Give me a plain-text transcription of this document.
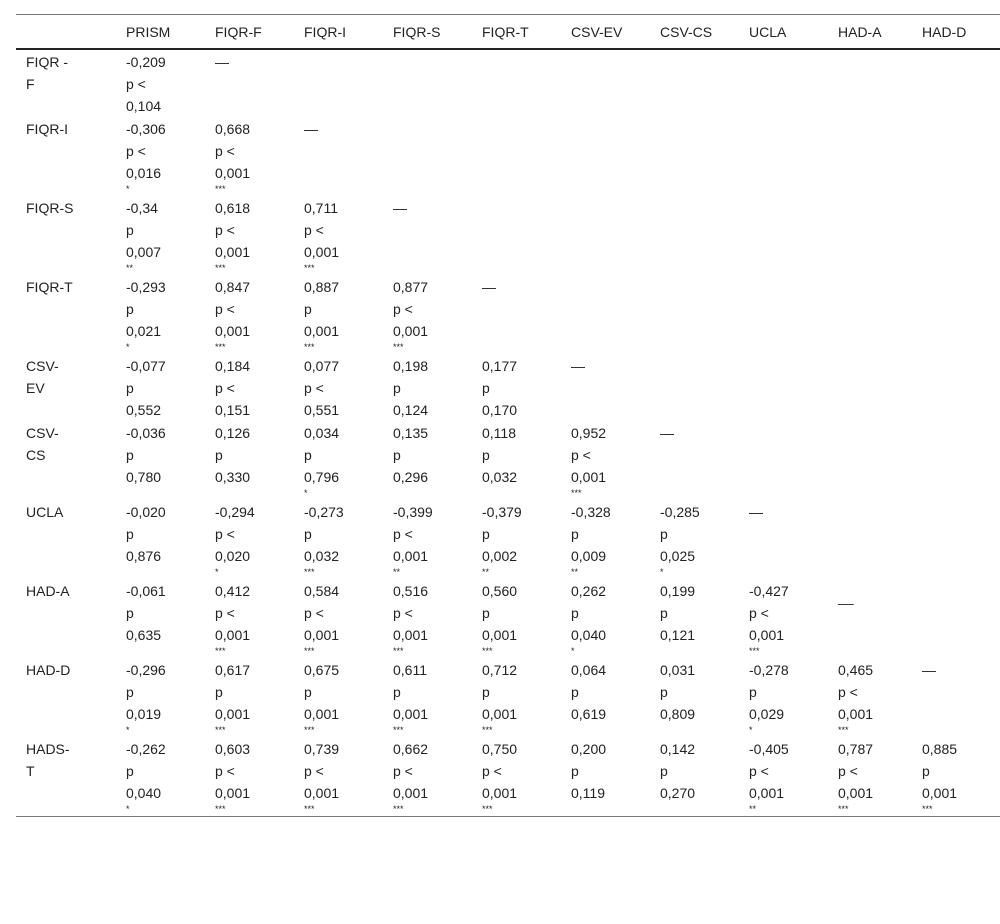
	PRISM	FIQR-F	FIQR-I	FIQR-S	FIQR-T	CSV-EV	CSV-CS	UCLA	HAD-A	HAD-D

FIQR - F	-0,209
p <
0,104	—								

FIQR-I	-0,306
p <
0,016
*	0,668
p <
0,001
***	—							

FIQR-S	-0,34
p
0,007
**	0,618
p <
0,001
***	0,711
p <
0,001
***	—						

FIQR-T	-0,293
p
0,021
*	0,847
p <
0,001
***	0,887
p
0,001
***	0,877
p <
0,001
***	—					

CSV-EV	-0,077
p
0,552	0,184
p <
0,151	0,077
p <
0,551	0,198
p
0,124	0,177
p
0,170	—				

CSV-CS	-0,036
p
0,780	0,126
p
0,330	0,034
p
0,796
*	0,135
p
0,296	0,118
p
0,032	0,952
p <
0,001
***	—			

UCLA	-0,020
p
0,876	-0,294
p <
0,020
*	-0,273
p
0,032
***	-0,399
p <
0,001
**	-0,379
p
0,002
**	-0,328
p
0,009
**	-0,285
p
0,025
*	—		

HAD-A	-0,061
p
0,635	0,412
p <
0,001
***	0,584
p <
0,001
***	0,516
p <
0,001
***	0,560
p
0,001
***	0,262
p
0,040
*	0,199
p
0,121	-0,427
p <
0,001
***	__	

HAD-D	-0,296
p
0,019
*	0,617
p
0,001
***	0,675
p
0,001
***	0,611
p
0,001
***	0,712
p
0,001
***	0,064
p
0,619	0,031
p
0,809	-0,278
p
0,029
*	0,465
p <
0,001
***	—

HADS-T	-0,262
p
0,040
*	0,603
p <
0,001
***	0,739
p <
0,001
***	0,662
p <
0,001
***	0,750
p <
0,001
***	0,200
p
0,119	0,142
p
0,270	-0,405
p <
0,001
**	0,787
p <
0,001
***	0,885
p
0,001
***
